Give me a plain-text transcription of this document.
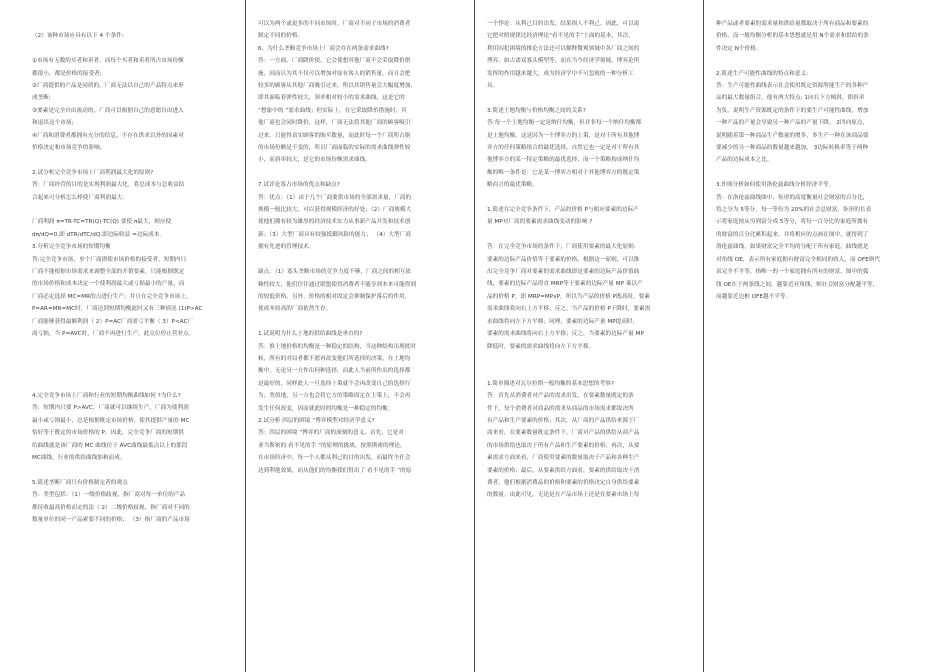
（2）该种市场应具有以下 4 个条件:

①市场有无数的买者和卖者，而每个买者和卖者所占市场份额

都很小，都是价格的接受者;

②厂商提供的产品是同质的，厂商无法以自己的产品特点来形

成垄断;

③要素是完全自由流动的，厂商可以根据自己的意愿自由进入

和退出这个市场;

④厂商和消费者都拥有充分的信息，不存在供求以外的因素对

价格决定和市场竞争的影响。

2.试分析完全竞争市场上厂商利润最大化的原则?

答：厂商经营的目的是实现利润最大化，将总成本与总收益结

合起来可分析怎么样使厂商利润最大：

厂商利润 π=TR-TC=TR(Q)-TC(Q) 要使 π最大，则应使

dπ/dQ=0,即 dTR/dTC/dQ,即边际收益 =边际成本。

3.分析完全竞争市场的短期均衡

答:完全竞争市场，单个厂商即使市场价格的接受者，短期内只

厂商不能根据市场需求来调整全部的开销要素，只能根据既定

的市场价格和成本决定一个使利润最大或亏损最小的产量，而

厂商必定选择 MC=MR的点进行生产；并且在完全竞争市场上，

P=AR=MR=MC时，厂商达到短期均衡此时又有三种情况 (1)P>AC

厂商能够获得最额利润（ 2）P=AC厂商盈亏平衡（ 3）P<AC厂

商亏损，当 P=AVC时，厂商不再进行生产，此点位停止营业点。

4.完全竞争市场上厂商和行业的短期均衡曲线如何 ?为什么?

答：短期内只要 P>AVC，厂商就可以继续生产，厂商为使利润

最小或亏损最小，总是根据既定市场价格，使其提供产量的 MC

恰好等于既定的市场价格的 P，因此，完全竞争厂商的短期供

给曲线就是该厂商的 MC 曲线位于 AVC曲线最低点以上的那段

MC曲线，行业的供给曲线加和而成。

5.简述垄断厂商只有价格制定者的观点

答：类型包括：（1）一级价格歧视，指厂商对每一单位的产品

都征收最高价格而定的法（ 2）二级价格歧视，指厂商对不同的

数量单位的同一产品索要不同的价格； （3）指厂商的产品市场

可以为两个或更多的不同市场时，厂商对不同子市场的消费者

制定不同的价格。

6、为什么垄断竞争市场上厂商会存在两条需求曲线?

答：一方面，厂商降价使，它会使想其他厂商不会采取降价措

施，因而认为其不仅可以增加对原有客人的销售量，而且会把

较多的顾客从其他厂商吸引过来，所以其销售量会大幅度增加，

即其面临着弹性较大，斜率相对较小的需求曲线，这是它的

“想象中的 ”需求曲线；但实际上，在它采取降价措施时，其

他厂商也会同时降价，这样，厂商无法将其他厂商的顾客吸引

过来，只能得真实顾客的购买数量，而此时每一个厂商所占据

的市场份额是不变的，所以厂商面临的实际的需求曲线弹性较

小，而斜率较大，是它的市场份额需求曲线。

7.试评论寡占市场的优点和缺点?

答：优点：（1）由于几个厂商要供市场的全部需求量，厂商的

规模一般比较大，可以获得规模经济的好处；（2）厂商规模大

使他们拥有较为雄厚的经济技术实力从事新产品开发和技术创

新；（3）大型厂商具有较强抵御风险的能力； （4）大型厂商

拥有先进的管理技术。

缺点：（1）寡头垄断市场的竞争力度不够，厂商之间的相互依

赖性较大，他们往往通过联盟使得消费者不能享到本来可能得到

的较低价格，另外，价格的相对固定会抑制保护落后的作用，

使成本较高的厂商依然生存。

1.试说明为什么土地的供给曲线是垂直的?

答：推土地价格的均衡是一种稳定的结构，当这种结构出现扰时

候，所有的对局者都不愿再改变他们所选择的决策，在土地均

衡中，无论另一方作出何种选择，而此人当前所作出的选择都

是最好的，同样此人一旦选择上策就不会再改变自己的选择行

为；类似地，另一方也会将它方的策略固定在上策上，不会再

发生任何改变，因而就此时的均衡是一种稳定的均衡。

2.试分析 四层的困境 “博弈模型对经济学意义?

答：四层的困境 ”博弈的厂商的深刻的意义，首先，它是对

亚当斯密的 看不见的手 ”的原理的挑战。按照斯密的理论，

在市场经济中，每一个人都从利己的目的出发，而最终全社会

达到利他效果。而从他们的均衡我们得出了 看不见的手 ”的原

一个悖论：从利己目的出发，结果损人不利己。因此，可以说

它把对照规律比经济理论“看不见的手”上面的基本，其次，

利用囚犯困境的推论方法还可以解释微观领域中各厂商之间的

博弈，如古诺双寡头模型等，而在当今经济学领域，博弈论所

发挥的作用越来越大，成为经济学中不可忽视的一种分析工

具。

3.简述土地均衡与价格均衡之间的关系?

答:每一个土地均衡一定是纳什均衡，但并非每一个纳什均衡都

是土地均衡。这是因为一个博弈方的上策，是对于所有其他博

弈方的任何策略组合的最优选择，自然它也一定是对于所有其

他博弈方的某一特定策略的最优选择；而一个策略构成纳什均

衡的唯一条件是：它是某一博弈方相对于其他博弈方的既定策

略而言的最优策略。

1.简述在完全竞争条件下，产品的价格 P与相应要素的边际产

量 MP对厂商的要素需求曲线变动的影响 ?

答：在完全竞争市场的条件下，厂商使用要素的最大化原则:

要素的边际产品价值等于要素的价格，根据这一原则，可以推

出完全竞争厂商对要素的需求曲线即是要素的边际产品价值曲

线，要素的边际产品得直 MRP等于要素的边际产量 MP 乘以产

品的价格 P，即 MRP=MPxP，所以当产品的价格 P既高时，要素

需求曲线将向右上方平移；反之，当产品的价格 P下降时，要素需

求曲线将向左下方平移；同理，要素的边际产量 MP提高时，

要素的需求曲线将向右上方平移；反之，当要素的边际产量 MP

降低时，要素的需求曲线将向左下方平移。

1.简单描述对瓦尔拉斯一般均衡的基本思想的考察?

答：首先从消费者对产品的需求出发，在要素数量既定的条

件下，每个消费者对商品的需求从商品的市场需求都取决所

有产品和生产要素的价格；其次，从厂商的产品供给来源于厂

商来看，在要素数量既定条件下，厂商对产品的供给从商产品

的市场供给也取决于所有产品和生产要素的价格；再次，从要

素需求方面来看，厂商使用要素的数量取决于产品和各种生产

要素的价格；最后，从要素供给方面看，要素的供给取决于消

费者，他们根据消费品的价格和要素的价格决定自身供给要素

的数量。由此可见，无论是在产品市场上还是在要素市场上每

种产品或者要素的需求量和供给量都取决于所有商品和要素的

价格，而一般均衡分析的基本思想就是用 N个需求和供给的条

件决定 N个价格。

2.简述生产可能性曲线的特点和意义:

答：生产可能性曲线表示社会使用既定资源所能生产的各种产

品的最大数量组合，他有两大特点: 1向右下方倾斜，即斜率

为负，说明生产资源既定的条件下的要生产可能性曲线，增加

一种产品的产量会导致另一种产品的产量下降。 2凹向原点，

说明随着第一种商品生产数量的增多，多生产一种在该商品要

要减少的另一种商品的数量越来越加。 3边际转换率等于两种

产品的边际成本之比。

3.作图分析如何使用洛伦兹曲线分析经济平等。

答：在洛伦兹曲线图中，矩形的高度衡量社会财富的百分比，

将之分为 5等分，每一等份为 20%的社会总财富，矩形的长表

示将家庭按从穷到富分成 5等分，将每一百分比的家庭所拥有

的财富的百分比累积起来，并将相应的点画在图中，就得到了

洛伦兹曲线，如果财富完全平均的分配于所有家庭，曲线就是

对角线 OE，表示所有家庭拥有财富完全相同的收入，而 OFE则代

表完全不平等，指唯一的一个家庭拥有所有的财富，图中的弧

线 OE在于两条线之间，越靠近对角线，则社会财富分配越平等，

而越靠近边框 OFE越不平等。
